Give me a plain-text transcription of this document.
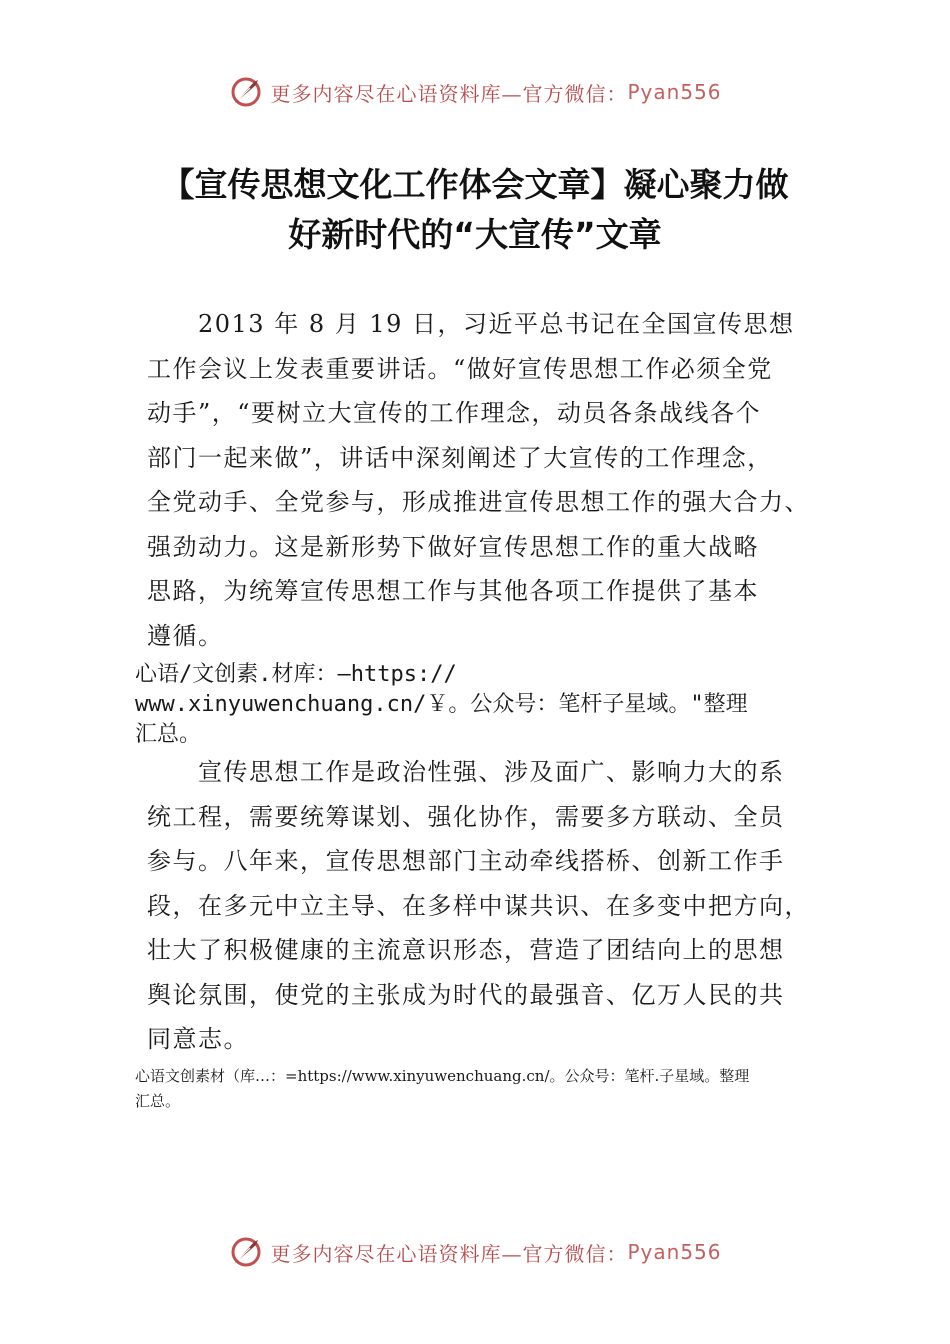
更多内容尽在心语资料库—官方微信： Pyan556
【宣传思想文化工作体会文章】凝心聚力做
好新时代的“大宣传”文章
　　2013 年 8 月 19 日，习近平总书记在全国宣传思想
工作会议上发表重要讲话。“做好宣传思想工作必须全党
动手”，“要树立大宣传的工作理念，动员各条战线各个
部门一起来做”，讲话中深刻阐述了大宣传的工作理念，
全党动手、全党参与，形成推进宣传思想工作的强大合力、
强劲动力。这是新形势下做好宣传思想工作的重大战略
思路，为统筹宣传思想工作与其他各项工作提供了基本
遵循。
心语/文创素.材库：—https://
www.xinyuwenchuang.cn/￥。公众号：笔杆子星域。"整理
汇总。
　　宣传思想工作是政治性强、涉及面广、影响力大的系
统工程，需要统筹谋划、强化协作，需要多方联动、全员
参与。八年来，宣传思想部门主动牵线搭桥、创新工作手
段，在多元中立主导、在多样中谋共识、在多变中把方向，
壮大了积极健康的主流意识形态，营造了团结向上的思想
舆论氛围，使党的主张成为时代的最强音、亿万人民的共
同意志。
心语文创素材（库…：=https://www.xinyuwenchuang.cn/。公众号：笔杆.子星域。整理
汇总。
更多内容尽在心语资料库—官方微信： Pyan556
